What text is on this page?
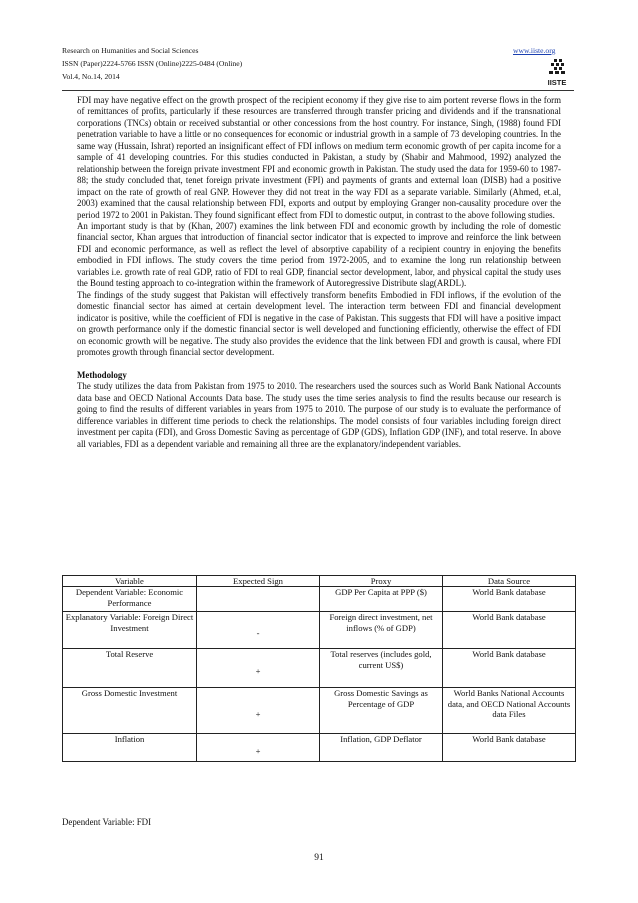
Research on Humanities and Social Sciences
ISSN (Paper)2224-5766 ISSN (Online)2225-0484 (Online)
Vol.4, No.14, 2014
www.iiste.org
IISTE

FDI may have negative effect on the growth prospect of the recipient economy if they give rise to aim portent reverse flows in the form of remittances of profits, particularly if these resources are transferred through transfer pricing and dividends and if the transnational corporations (TNCs) obtain or received substantial or other concessions from the host country. For instance, Singh, (1988) found FDI penetration variable to have a little or no consequences for economic or industrial growth in a sample of 73 developing countries. In the same way (Hussain, Ishrat) reported an insignificant effect of FDI inflows on medium term economic growth of per capita income for a sample of 41 developing countries. For this studies conducted in Pakistan, a study by (Shabir and Mahmood, 1992) analyzed the relationship between the foreign private investment FPI and economic growth in Pakistan. The study used the data for 1959-60 to 1987-88; the study concluded that, tenet foreign private investment (FPI) and payments of grants and external loan (DISB) had a positive impact on the rate of growth of real GNP. However they did not treat in the way FDI as a separate variable. Similarly (Ahmed, et.al, 2003) examined that the causal relationship between FDI, exports and output by employing Granger non-causality procedure over the period 1972 to 2001 in Pakistan. They found significant effect from FDI to domestic output, in contrast to the above following studies.

An important study is that by (Khan, 2007) examines the link between FDI and economic growth by including the role of domestic financial sector, Khan argues that introduction of financial sector indicator that is expected to improve and reinforce the link between FDI and economic performance, as well as reflect the level of absorptive capability of a recipient country in enjoying the benefits embodied in FDI inflows. The study covers the time period from 1972-2005, and to examine the long run relationship between variables i.e. growth rate of real GDP, ratio of FDI to real GDP, financial sector development, labor, and physical capital the study uses the Bound testing approach to co-integration within the framework of Autoregressive Distribute slag(ARDL).

The findings of the study suggest that Pakistan will effectively transform benefits Embodied in FDI inflows, if the evolution of the domestic financial sector has aimed at certain development level. The interaction term between FDI and financial development indicator is positive, while the coefficient of FDI is negative in the case of Pakistan. This suggests that FDI will have a positive impact on growth performance only if the domestic financial sector is well developed and functioning efficiently, otherwise the effect of FDI on economic growth will be negative. The study also provides the evidence that the link between FDI and growth is causal, where FDI promotes growth through financial sector development.

Methodology

The study utilizes the data from Pakistan from 1975 to 2010. The researchers used the sources such as World Bank National Accounts data base and OECD National Accounts Data base. The study uses the time series analysis to find the results because our research is going to find the results of different variables in years from 1975 to 2010. The purpose of our study is to evaluate the performance of difference variables in different time periods to check the relationships. The model consists of four variables including foreign direct investment per capita (FDI), and Gross Domestic Saving as percentage of GDP (GDS), Inflation GDP (INF), and total reserve. In above all variables, FDI as a dependent variable and remaining all three are the explanatory/independent variables.

Variable	Expected Sign	Proxy	Data Source
Dependent Variable: Economic Performance		GDP Per Capita at PPP ($)	World Bank database
Explanatory Variable: Foreign Direct Investment	-	Foreign direct investment, net inflows (% of GDP)	World Bank database
Total Reserve	+	Total reserves (includes gold, current US$)	World Bank database
Gross Domestic Investment	+	Gross Domestic Savings as Percentage of GDP	World Banks National Accounts data, and OECD National Accounts data Files
Inflation	+	Inflation, GDP Deflator	World Bank database
Dependent Variable: FDI
91
